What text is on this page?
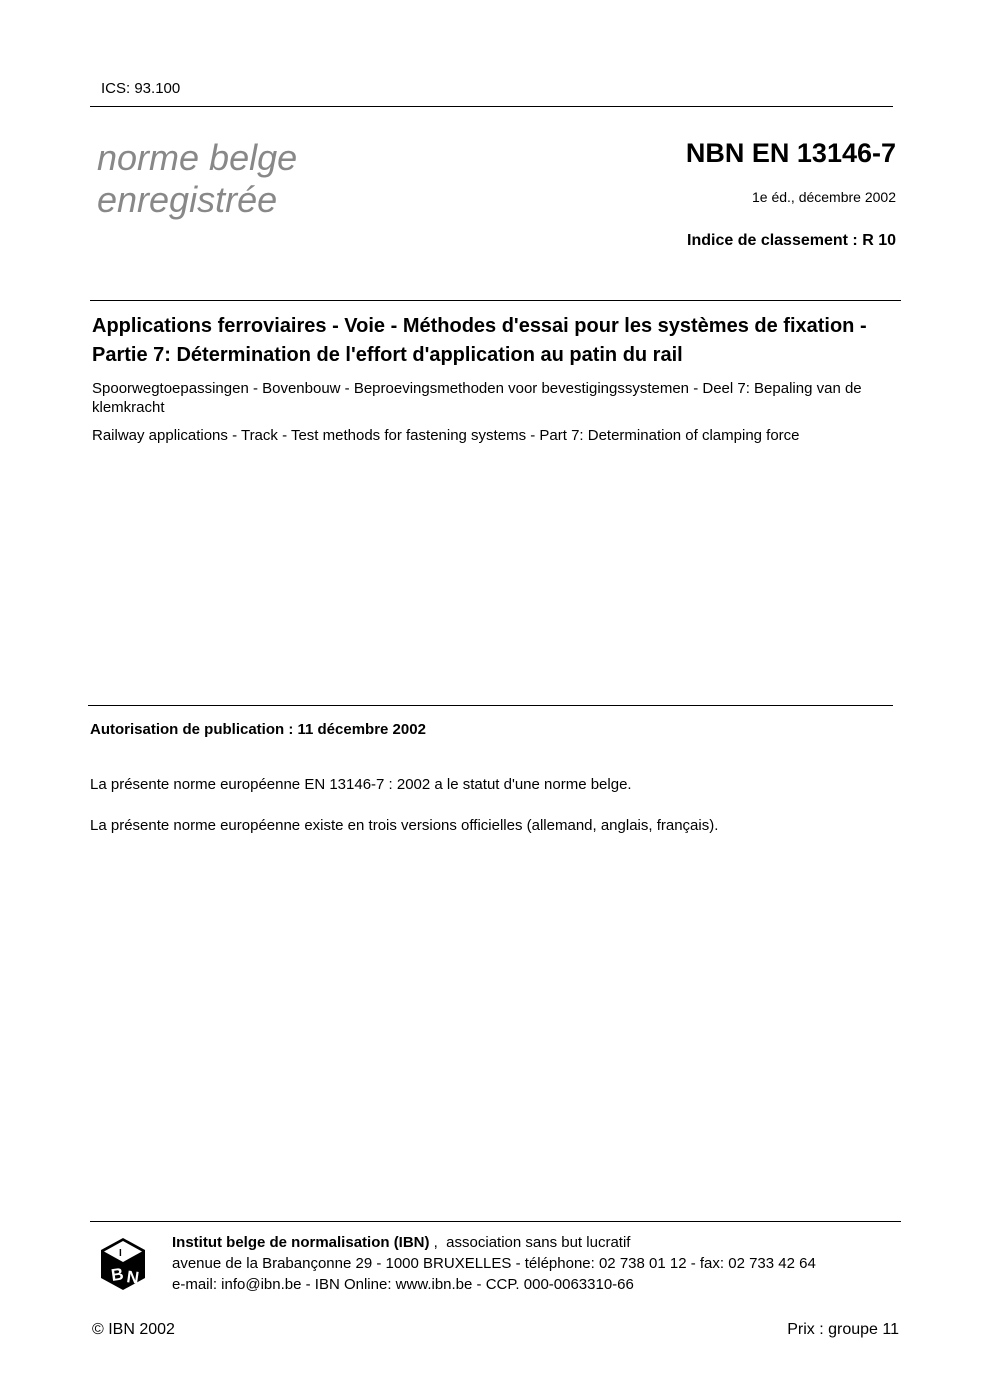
ICS: 93.100
norme belge
enregistrée
NBN EN 13146-7
1e éd., décembre 2002
Indice de classement : R 10
Applications ferroviaires - Voie - Méthodes d'essai pour les systèmes de fixation - Partie 7: Détermination de l'effort d'application au patin du rail
Spoorwegtoepassingen - Bovenbouw - Beproevingsmethoden voor bevestigingssystemen - Deel 7: Bepaling van de klemkracht
Railway applications - Track - Test methods for fastening systems - Part 7: Determination of clamping force
Autorisation de publication : 11 décembre 2002
La présente norme européenne EN 13146-7 : 2002 a le statut d'une norme belge.
La présente norme européenne existe en trois versions officielles (allemand, anglais, français).
B N
I
Institut belge de normalisation (IBN) ,  association sans but lucratif
avenue de la Brabançonne 29 - 1000 BRUXELLES - téléphone: 02 738 01 12 - fax: 02 733 42 64
e-mail: info@ibn.be - IBN Online: www.ibn.be - CCP. 000-0063310-66
© IBN 2002	Prix : groupe 11
